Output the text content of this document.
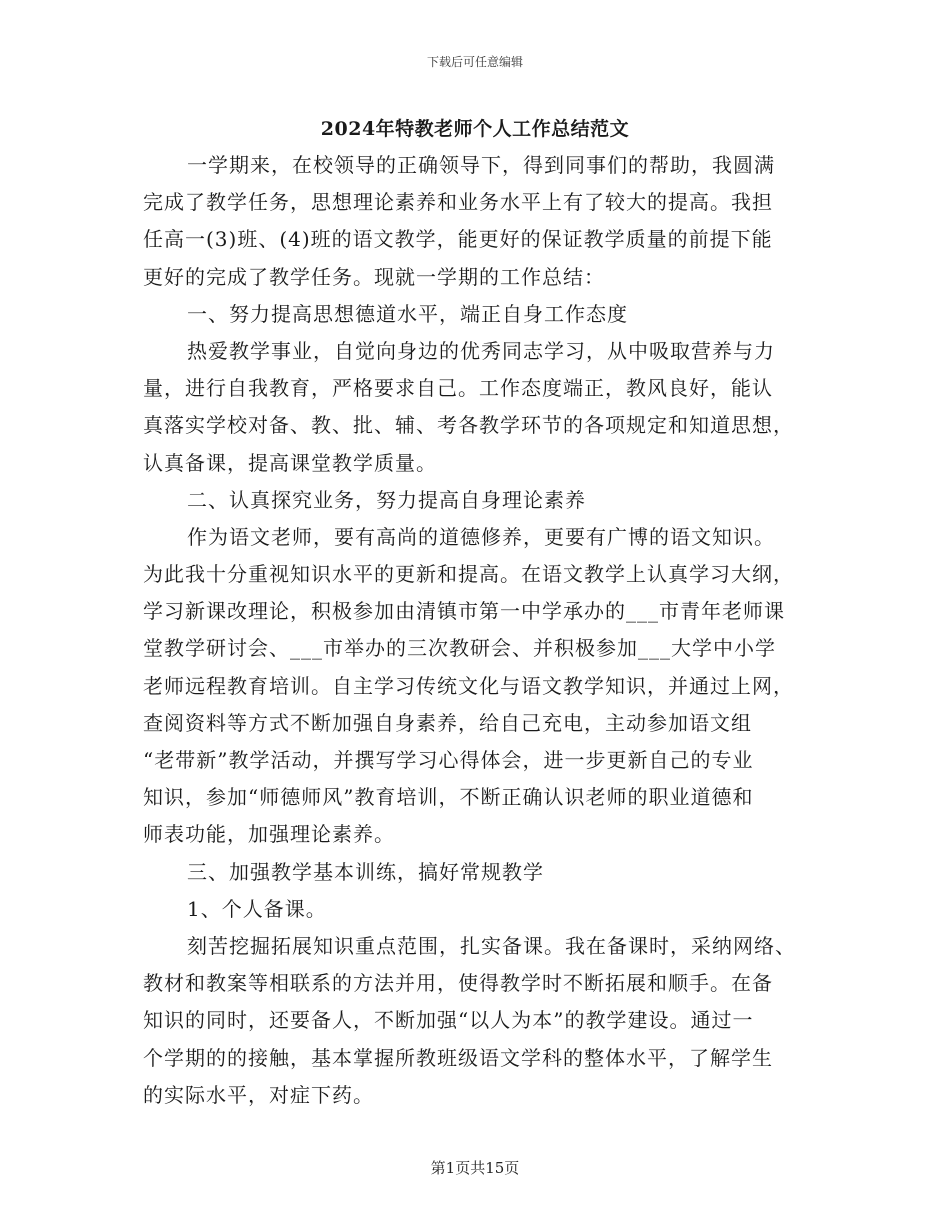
下载后可任意编辑
2024年特教老师个人工作总结范文
一学期来，在校领导的正确领导下，得到同事们的帮助，我圆满
完成了教学任务，思想理论素养和业务水平上有了较大的提高。我担
任高一(3)班、(4)班的语文教学，能更好的保证教学质量的前提下能
更好的完成了教学任务。现就一学期的工作总结：
一、努力提高思想德道水平，端正自身工作态度
热爱教学事业，自觉向身边的优秀同志学习，从中吸取营养与力
量，进行自我教育，严格要求自己。工作态度端正，教风良好，能认
真落实学校对备、教、批、辅、考各教学环节的各项规定和知道思想，
认真备课，提高课堂教学质量。
二、认真探究业务，努力提高自身理论素养
作为语文老师，要有高尚的道德修养，更要有广博的语文知识。
为此我十分重视知识水平的更新和提高。在语文教学上认真学习大纲，
学习新课改理论，积极参加由清镇市第一中学承办的___市青年老师课
堂教学研讨会、___市举办的三次教研会、并积极参加___大学中小学
老师远程教育培训。自主学习传统文化与语文教学知识，并通过上网，
查阅资料等方式不断加强自身素养，给自己充电，主动参加语文组
“老带新”教学活动，并撰写学习心得体会，进一步更新自己的专业
知识，参加“师德师风”教育培训，不断正确认识老师的职业道德和
师表功能，加强理论素养。
三、加强教学基本训练，搞好常规教学
1、个人备课。
刻苦挖掘拓展知识重点范围，扎实备课。我在备课时，采纳网络、
教材和教案等相联系的方法并用，使得教学时不断拓展和顺手。在备
知识的同时，还要备人，不断加强“以人为本”的教学建设。通过一
个学期的的接触，基本掌握所教班级语文学科的整体水平，了解学生
的实际水平，对症下药。
第1页共15页
